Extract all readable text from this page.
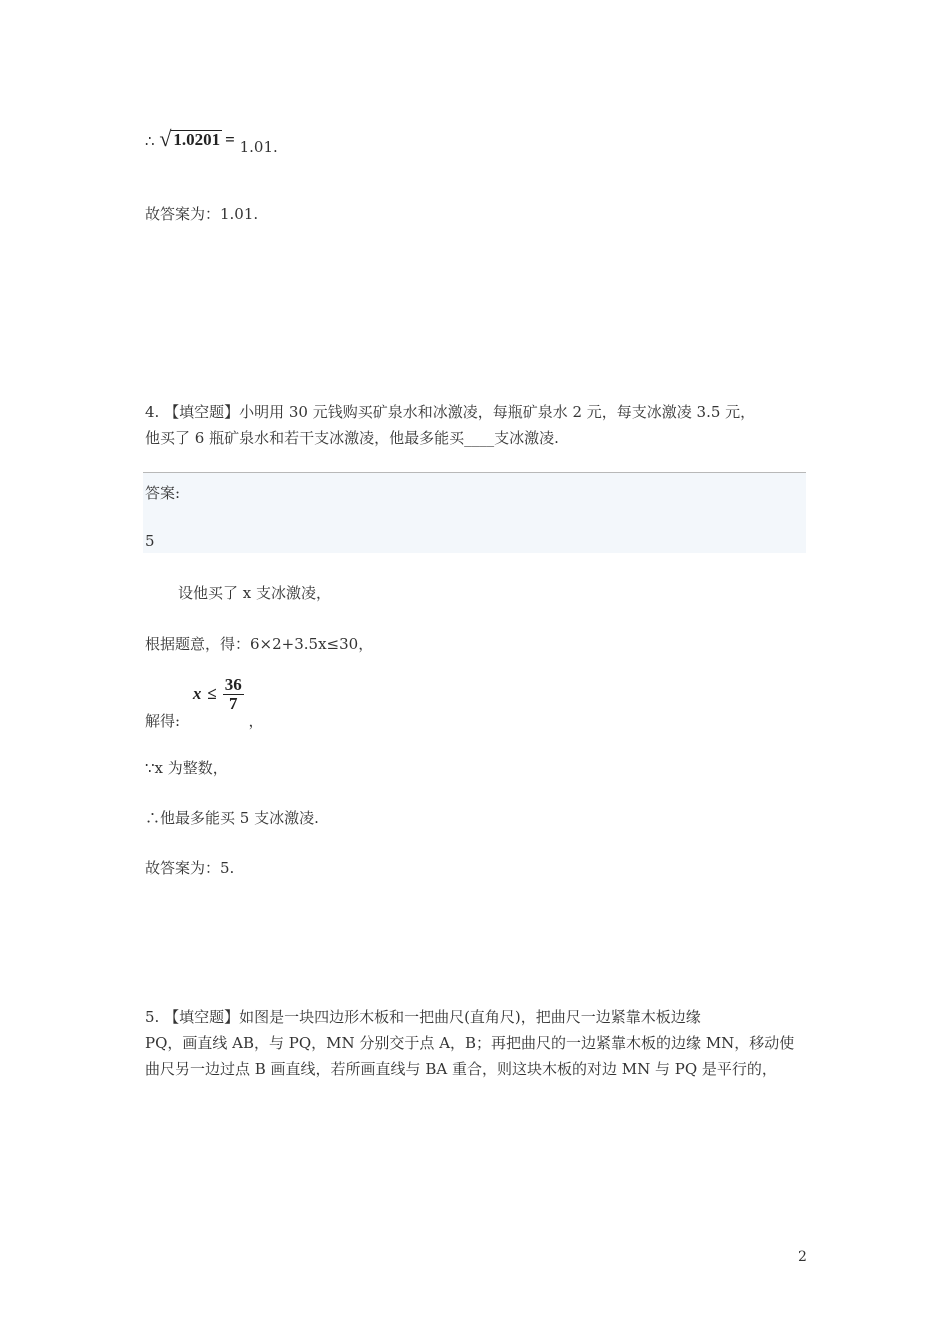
∴ √ 1.0201 = 1.01.
故答案为：1.01.
4. 【填空题】小明用 30 元钱购买矿泉水和冰激凌，每瓶矿泉水 2 元，每支冰激凌 3.5 元，
他买了 6 瓶矿泉水和若干支冰激凌，他最多能买____支冰激凌.
答案:
5
设他买了 x 支冰激凌，
根据题意，得：6×2+3.5x≤30，
解得:
$x \le \frac{36}{7}$
，
∵x 为整数，
∴他最多能买 5 支冰激凌.
故答案为：5.
5. 【填空题】如图是一块四边形木板和一把曲尺(直角尺)，把曲尺一边紧靠木板边缘
PQ，画直线 AB，与 PQ，MN 分别交于点 A，B；再把曲尺的一边紧靠木板的边缘 MN，移动使
曲尺另一边过点 B 画直线，若所画直线与 BA 重合，则这块木板的对边 MN 与 PQ 是平行的，
2
